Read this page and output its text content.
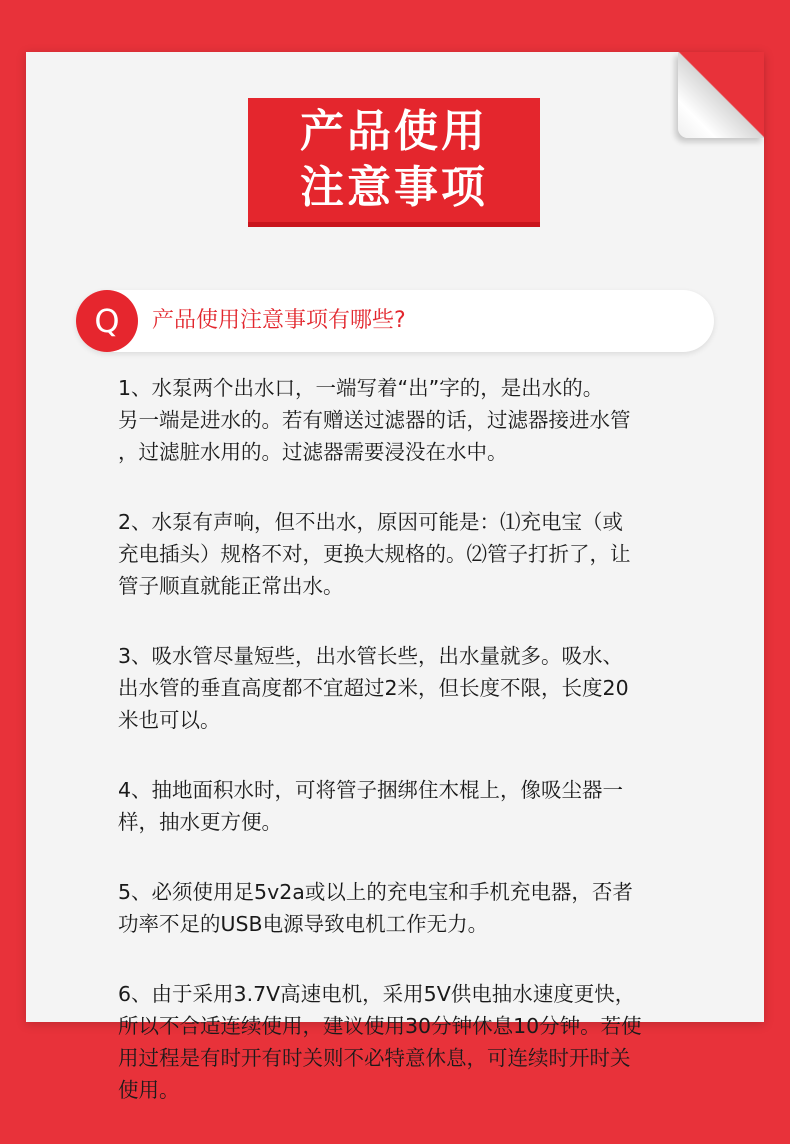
产品使用
注意事项
Q	产品使用注意事项有哪些?
1、水泵两个出水口，一端写着“出”字的，是出水的。
另一端是进水的。若有赠送过滤器的话，过滤器接进水管
，过滤脏水用的。过滤器需要浸没在水中。
2、水泵有声响，但不出水，原因可能是：⑴充电宝（或
充电插头）规格不对，更换大规格的。⑵管子打折了，让
管子顺直就能正常出水。
3、吸水管尽量短些，出水管长些，出水量就多。吸水、
出水管的垂直高度都不宜超过2米，但长度不限，长度20
米也可以。
4、抽地面积水时，可将管子捆绑住木棍上，像吸尘器一
样，抽水更方便。
5、必须使用足5v2a或以上的充电宝和手机充电器，否者
功率不足的USB电源导致电机工作无力。
6、由于采用3.7V高速电机，采用5V供电抽水速度更快，
所以不合适连续使用，建议使用30分钟休息10分钟。若使
用过程是有时开有时关则不必特意休息，可连续时开时关
使用。
